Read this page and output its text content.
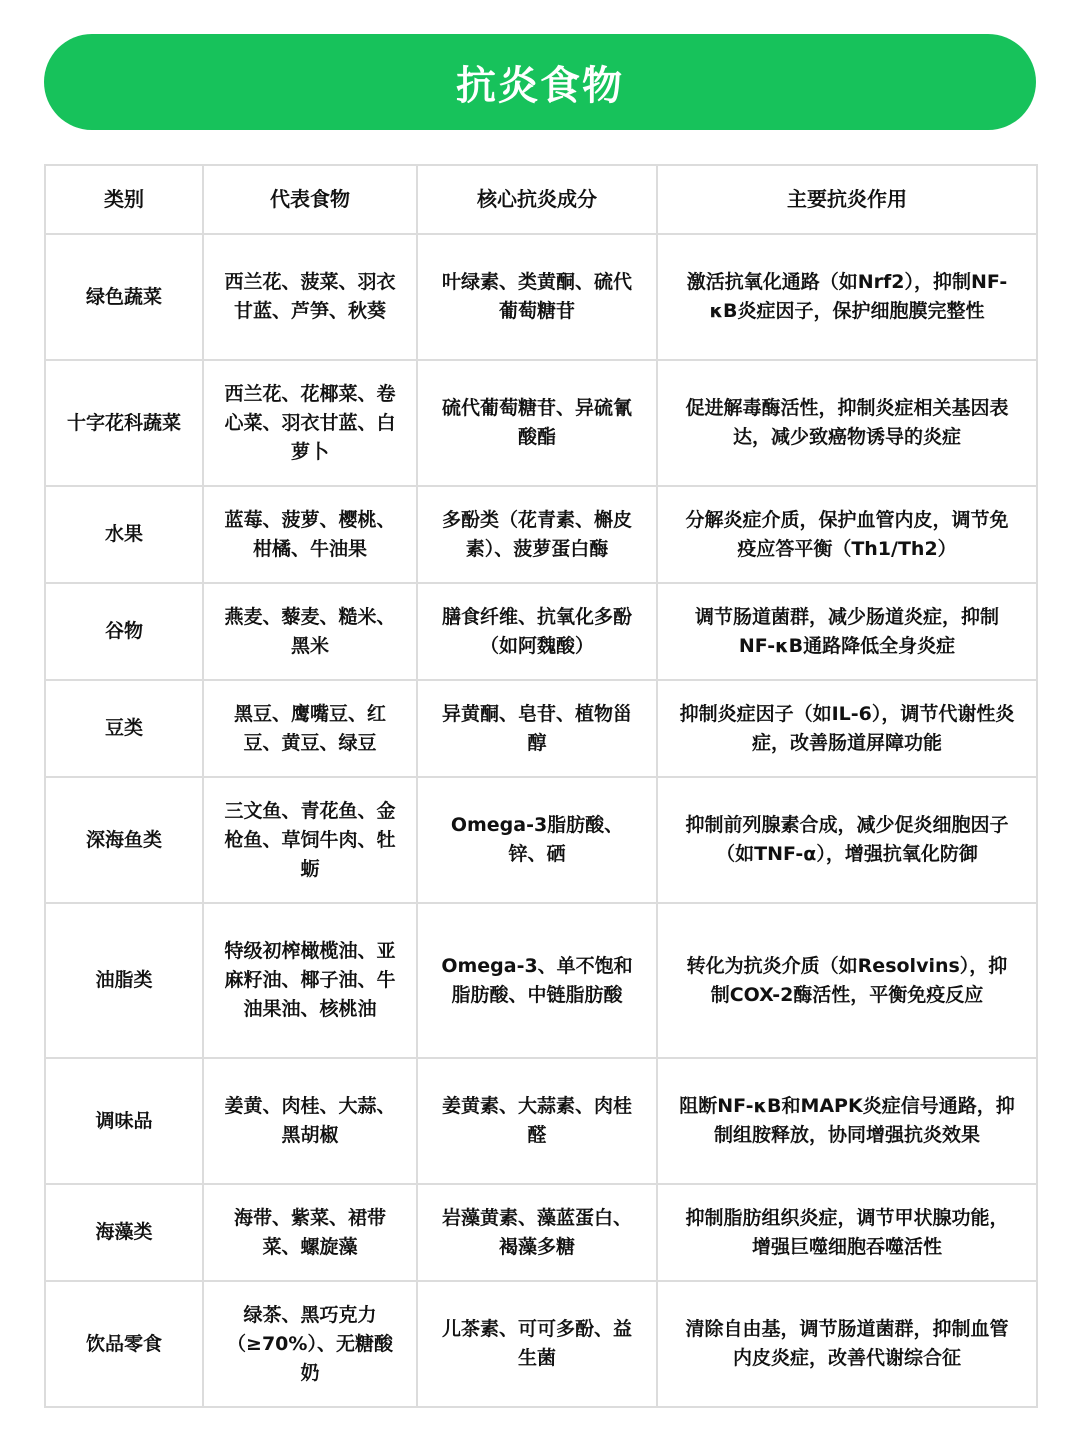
抗炎食物
类别	代表食物	核心抗炎成分	主要抗炎作用
绿色蔬菜	西兰花、菠菜、羽衣甘蓝、芦笋、秋葵	叶绿素、类黄酮、硫代葡萄糖苷	激活抗氧化通路（如Nrf2），抑制NF-κB炎症因子，保护细胞膜完整性
十字花科蔬菜	西兰花、花椰菜、卷心菜、羽衣甘蓝、白萝卜	硫代葡萄糖苷、异硫氰酸酯	促进解毒酶活性，抑制炎症相关基因表达，减少致癌物诱导的炎症
水果	蓝莓、菠萝、樱桃、柑橘、牛油果	多酚类（花青素、槲皮素）、菠萝蛋白酶	分解炎症介质，保护血管内皮，调节免疫应答平衡（Th1/Th2）
谷物	燕麦、藜麦、糙米、黑米	膳食纤维、抗氧化多酚（如阿魏酸）	调节肠道菌群，减少肠道炎症，抑制NF-κB通路降低全身炎症
豆类	黑豆、鹰嘴豆、红豆、黄豆、绿豆	异黄酮、皂苷、植物甾醇	抑制炎症因子（如IL-6），调节代谢性炎症，改善肠道屏障功能
深海鱼类	三文鱼、青花鱼、金枪鱼、草饲牛肉、牡蛎	Omega-3脂肪酸、锌、硒	抑制前列腺素合成，减少促炎细胞因子（如TNF-α），增强抗氧化防御
油脂类	特级初榨橄榄油、亚麻籽油、椰子油、牛油果油、核桃油	Omega-3、单不饱和脂肪酸、中链脂肪酸	转化为抗炎介质（如Resolvins），抑制COX-2酶活性，平衡免疫反应
调味品	姜黄、肉桂、大蒜、黑胡椒	姜黄素、大蒜素、肉桂醛	阻断NF-κB和MAPK炎症信号通路，抑制组胺释放，协同增强抗炎效果
海藻类	海带、紫菜、裙带菜、螺旋藻	岩藻黄素、藻蓝蛋白、褐藻多糖	抑制脂肪组织炎症，调节甲状腺功能，增强巨噬细胞吞噬活性
饮品零食	绿茶、黑巧克力（≥70%）、无糖酸奶	儿茶素、可可多酚、益生菌	清除自由基，调节肠道菌群，抑制血管内皮炎症，改善代谢综合征
